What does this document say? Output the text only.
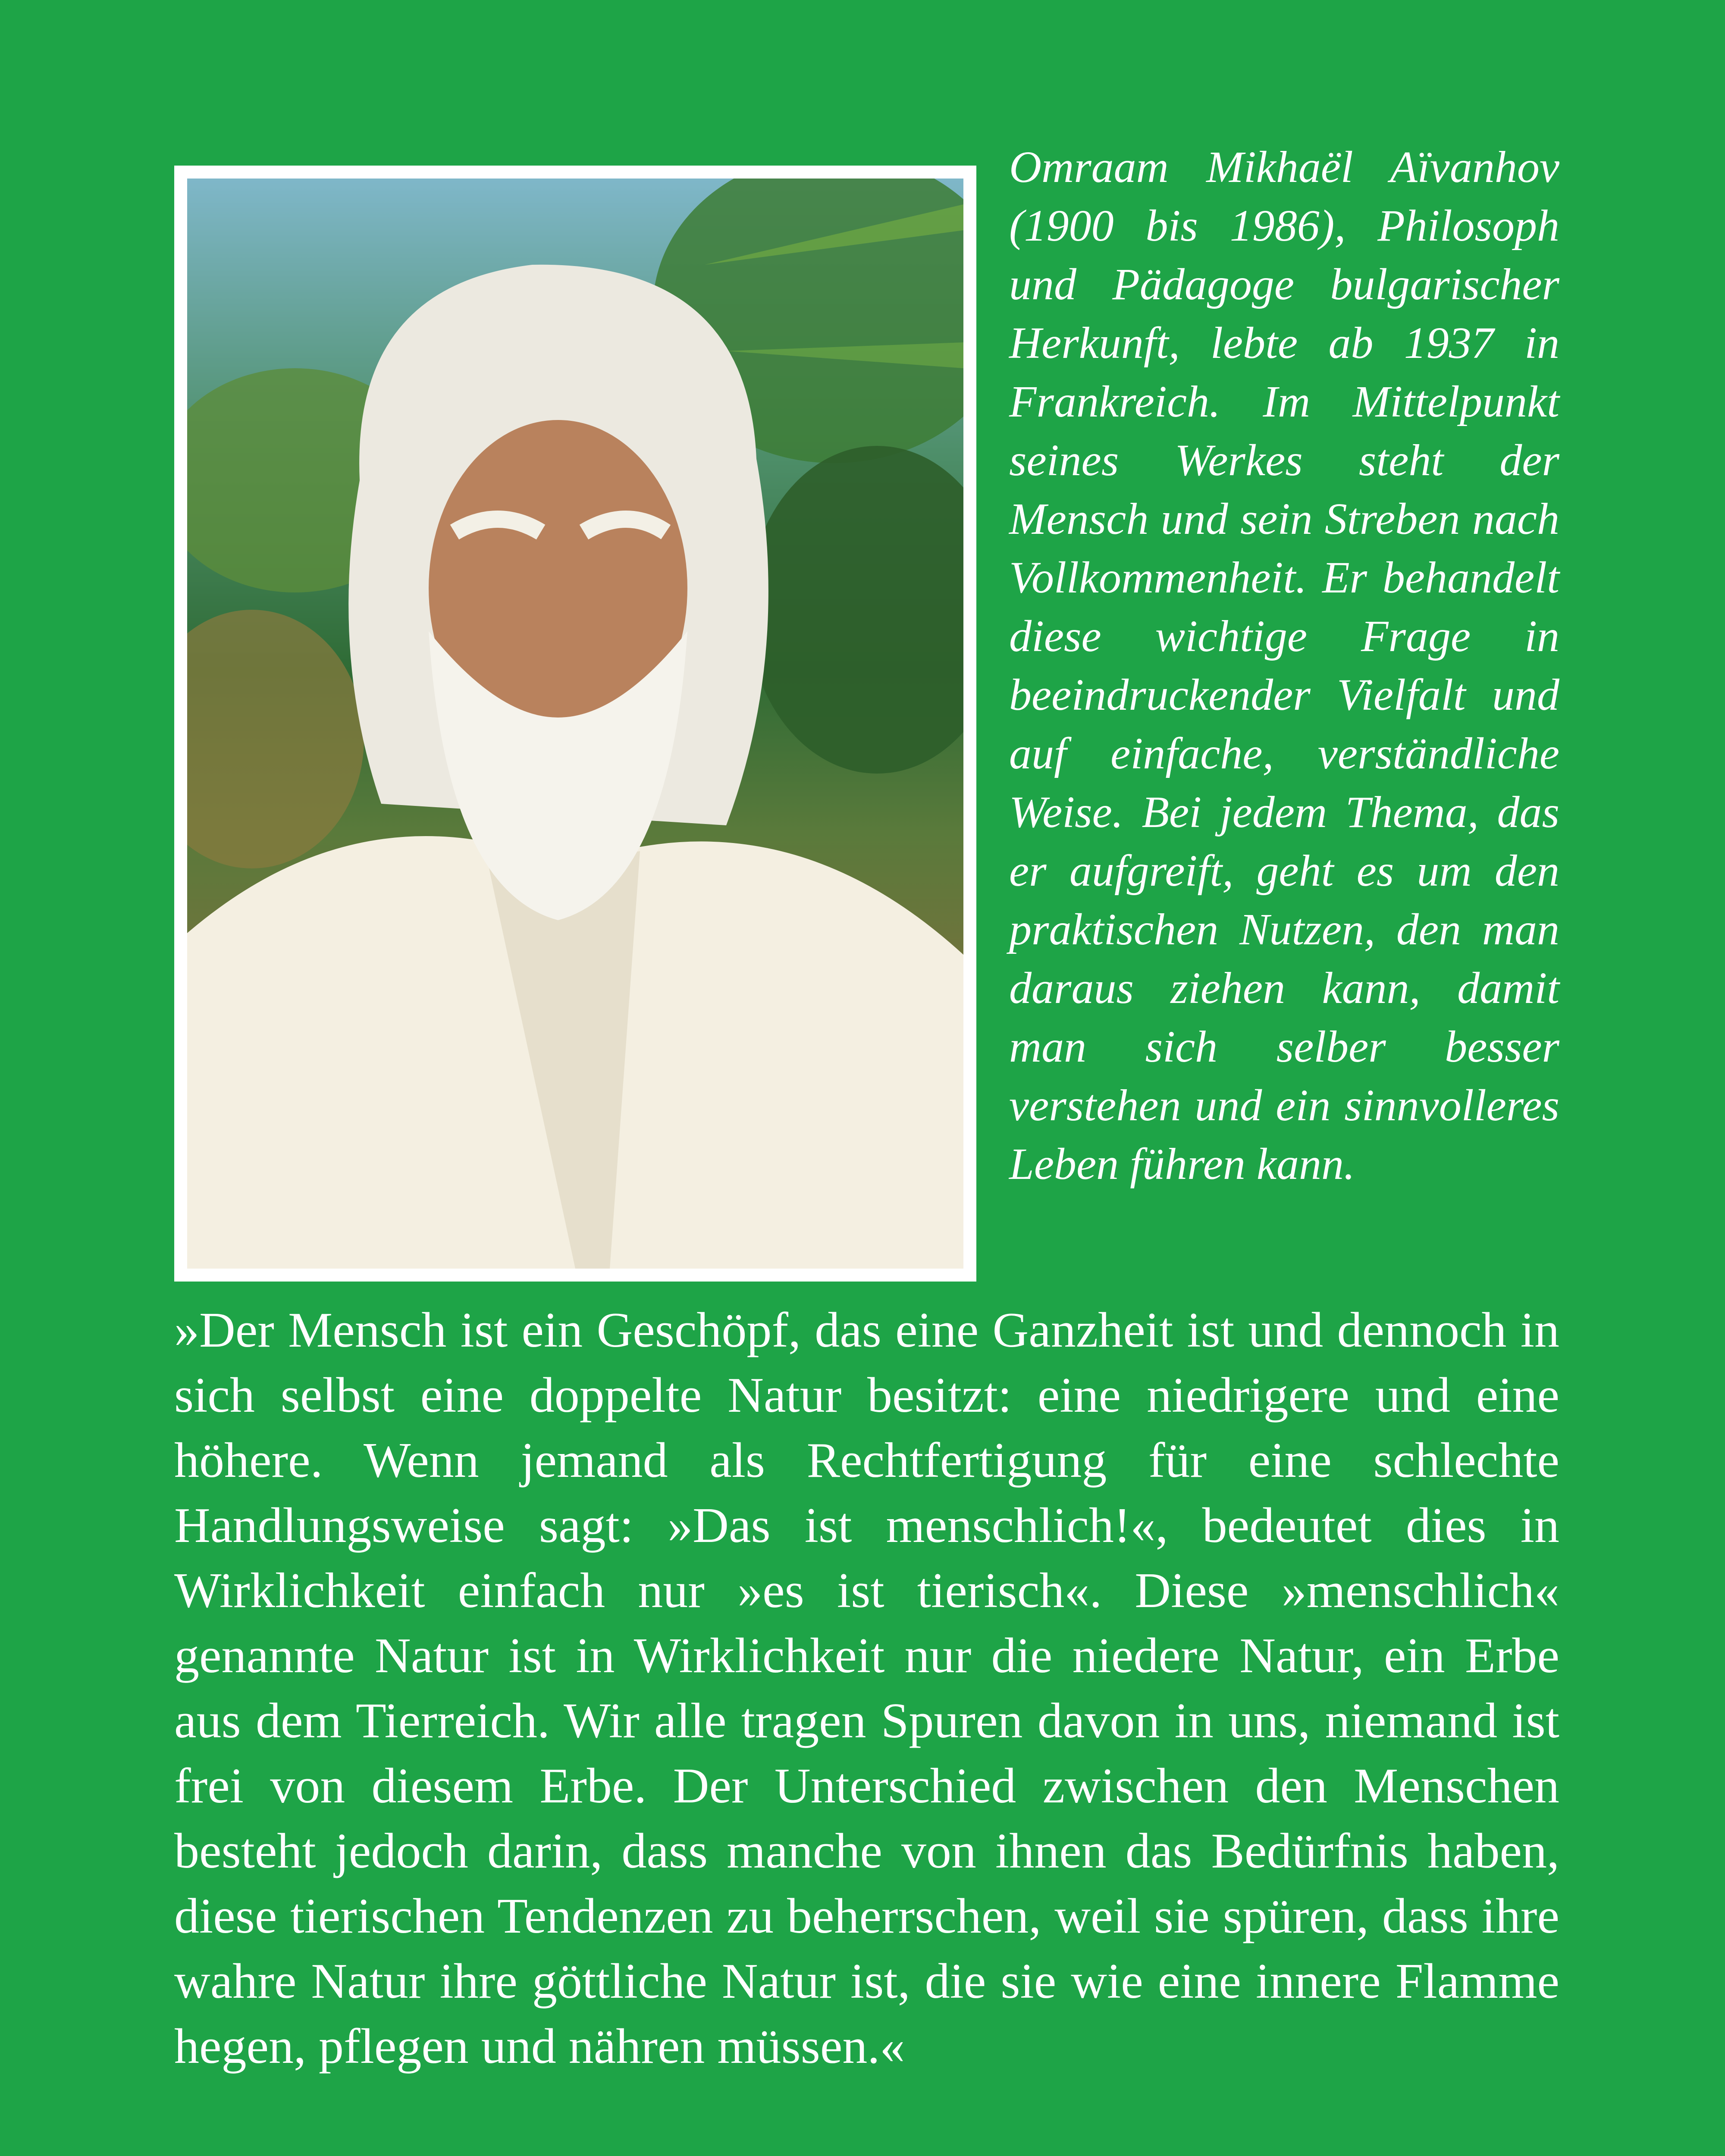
Omraam Mikhaël Aïvanhov (1900 bis 1986), Philosoph und Pädagoge bulgarischer Herkunft, lebte ab 1937 in Frankreich. Im Mittelpunkt seines Werkes steht der Mensch und sein Streben nach Vollkommenheit. Er behandelt diese wichtige Frage in beeindruckender Vielfalt und auf einfache, verständliche Weise. Bei jedem Thema, das er aufgreift, geht es um den praktischen Nutzen, den man daraus ziehen kann, damit man sich selber besser verstehen und ein sinnvolleres Leben führen kann.

»Der Mensch ist ein Geschöpf, das eine Ganzheit ist und dennoch in sich selbst eine doppelte Natur besitzt: eine niedrigere und eine höhere. Wenn jemand als Rechtfertigung für eine schlechte Handlungsweise sagt: »Das ist menschlich!«, bedeutet dies in Wirklichkeit einfach nur »es ist tierisch«. Diese »menschlich« genannte Natur ist in Wirklichkeit nur die niedere Natur, ein Erbe aus dem Tierreich. Wir alle tragen Spuren davon in uns, niemand ist frei von diesem Erbe. Der Unterschied zwischen den Menschen besteht jedoch darin, dass manche von ihnen das Bedürfnis haben, diese tierischen Tendenzen zu beherrschen, weil sie spüren, dass ihre wahre Natur ihre göttliche Natur ist, die sie wie eine innere Flamme hegen, pflegen und nähren müssen.«
